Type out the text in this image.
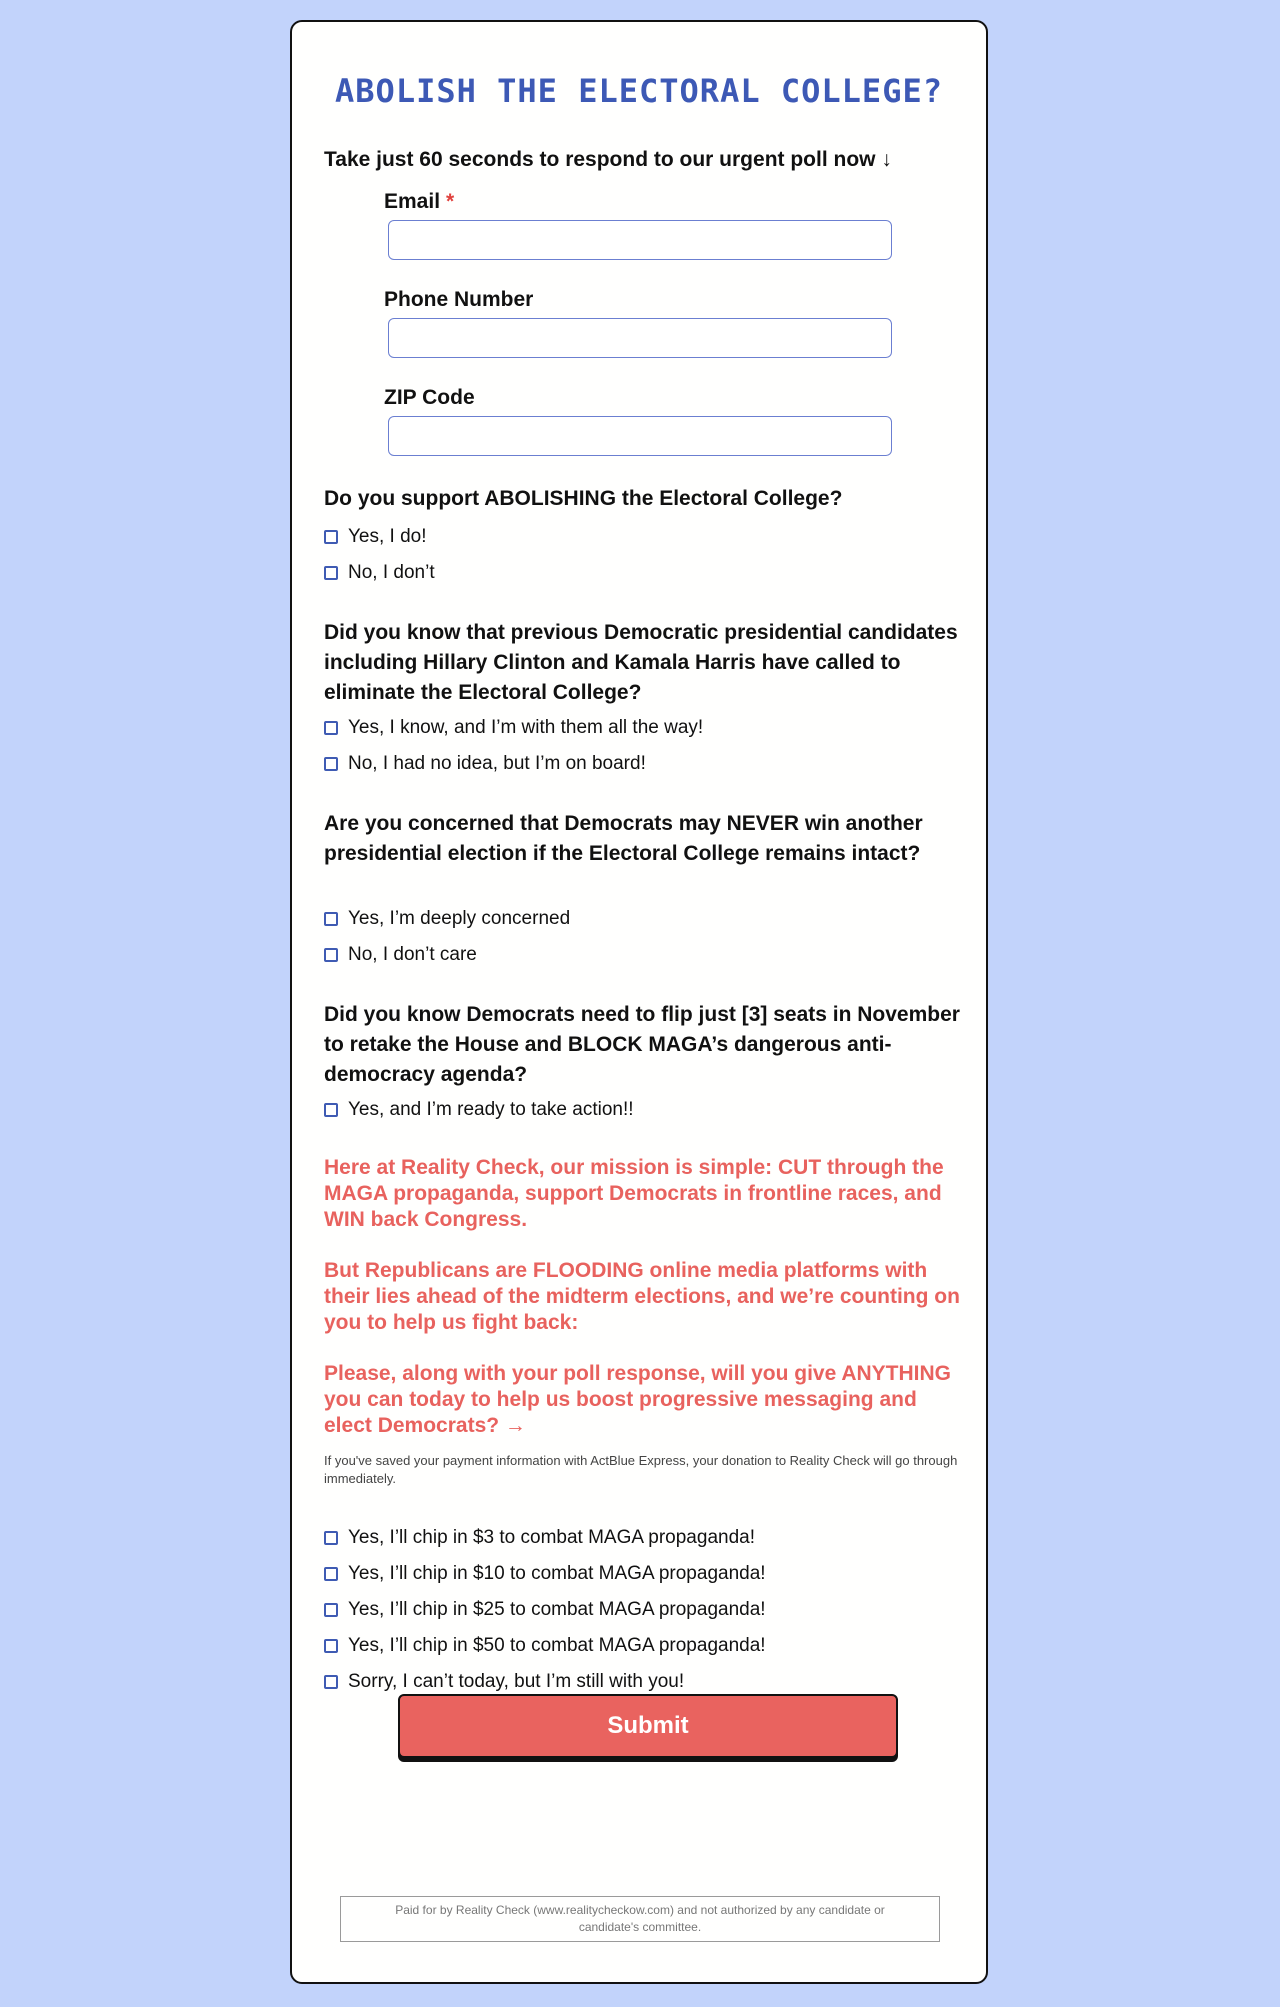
ABOLISH THE ELECTORAL COLLEGE?

Take just 60 seconds to respond to our urgent poll now ↓

Email *
Phone Number
ZIP Code

Do you support ABOLISHING the Electoral College?

Yes, I do!
No, I don’t

Did you know that previous Democratic presidential candidates including Hillary Clinton and Kamala Harris have called to eliminate the Electoral College?

Yes, I know, and I’m with them all the way!
No, I had no idea, but I’m on board!

Are you concerned that Democrats may NEVER win another presidential election if the Electoral College remains intact?

Yes, I’m deeply concerned
No, I don’t care

Did you know Democrats need to flip just [3] seats in November to retake the House and BLOCK MAGA’s dangerous anti-democracy agenda?

Yes, and I’m ready to take action!!

Here at Reality Check, our mission is simple: CUT through the MAGA propaganda, support Democrats in frontline races, and WIN back Congress.

But Republicans are FLOODING online media platforms with their lies ahead of the midterm elections, and we’re counting on you to help us fight back:

Please, along with your poll response, will you give ANYTHING you can today to help us boost progressive messaging and elect Democrats? →

If you've saved your payment information with ActBlue Express, your donation to Reality Check will go through immediately.

Yes, I’ll chip in $3 to combat MAGA propaganda!
Yes, I’ll chip in $10 to combat MAGA propaganda!
Yes, I’ll chip in $25 to combat MAGA propaganda!
Yes, I’ll chip in $50 to combat MAGA propaganda!
Sorry, I can’t today, but I’m still with you!
Submit
Paid for by Reality Check (www.realitycheckow.com) and not authorized by any candidate or candidate's committee.
